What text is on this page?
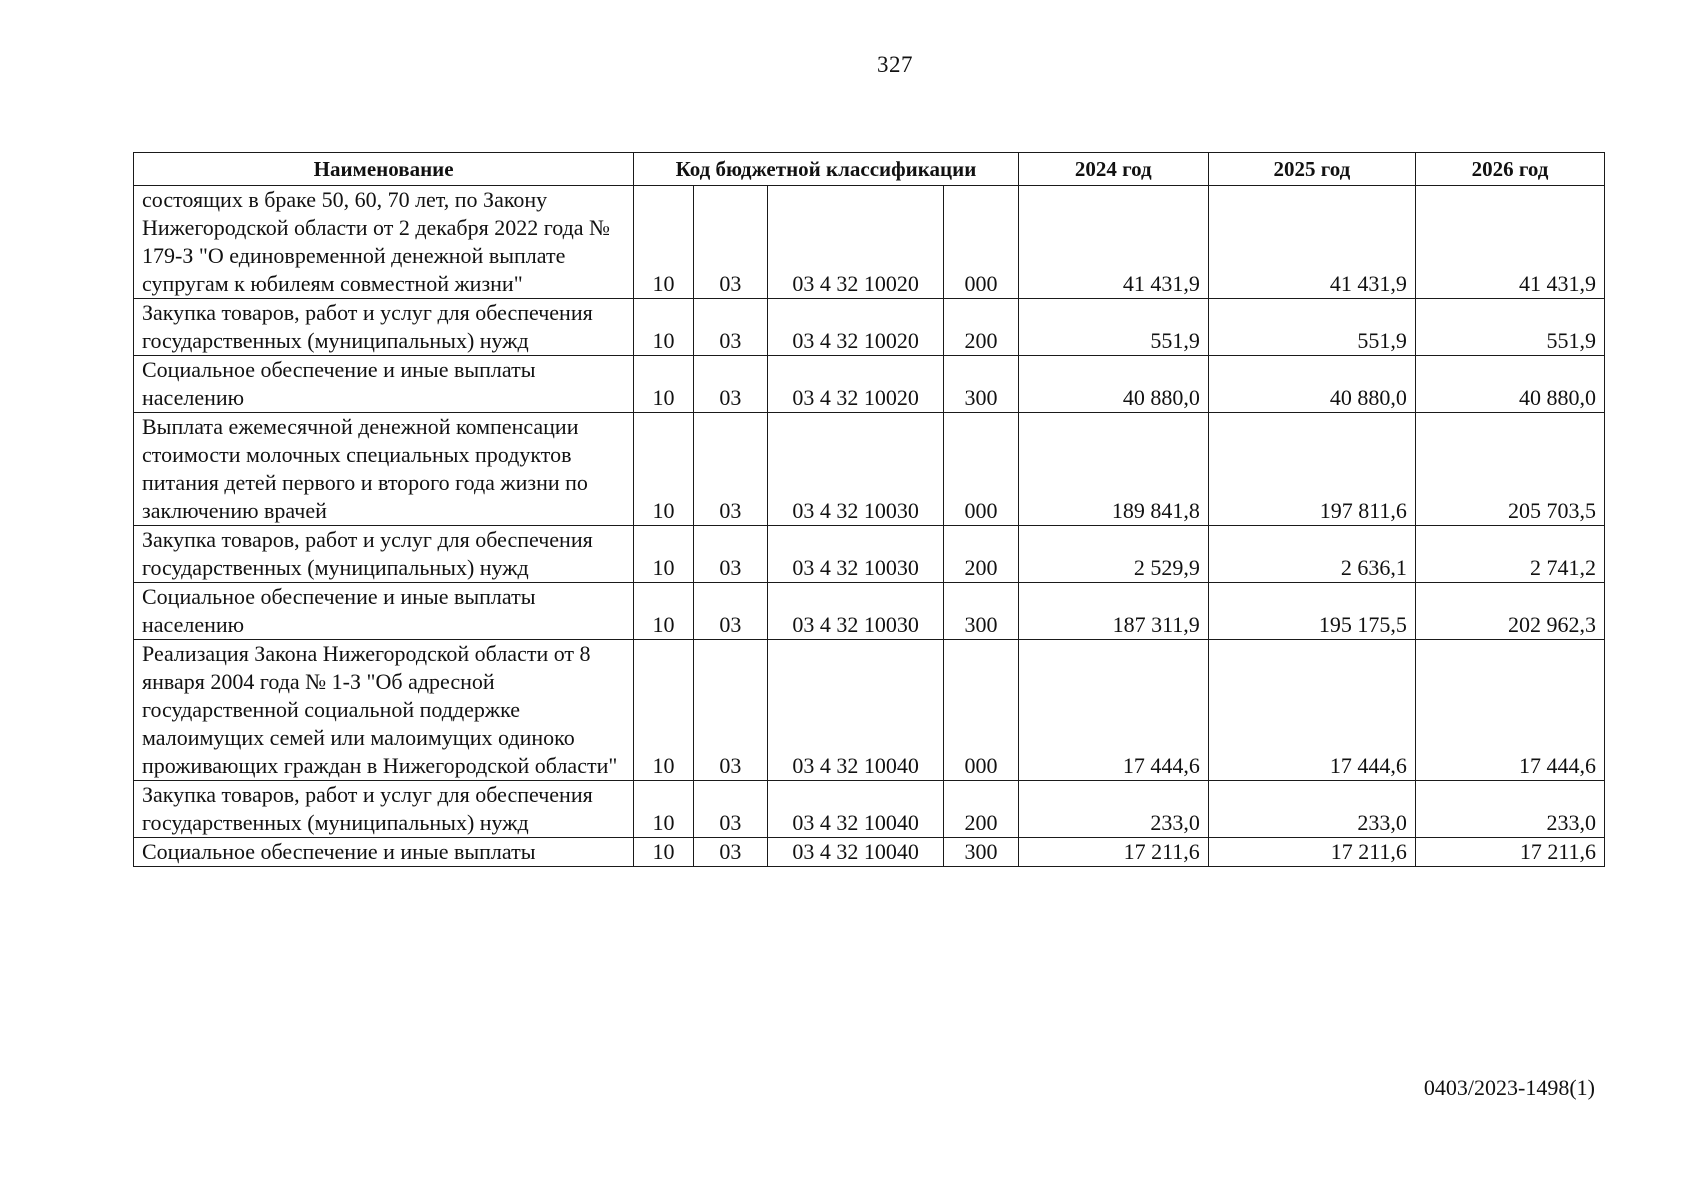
327
Наименование	Код бюджетной классификации				2024 год	2025 год	2026 год
состоящих в браке 50, 60, 70 лет, по Закону Нижегородской области от 2 декабря 2022 года № 179-З "О единовременной денежной выплате супругам к юбилеям совместной жизни"	10	03	03 4 32 10020	000	41 431,9	41 431,9	41 431,9
Закупка товаров, работ и услуг для обеспечения государственных (муниципальных) нужд	10	03	03 4 32 10020	200	551,9	551,9	551,9
Социальное обеспечение и иные выплаты населению	10	03	03 4 32 10020	300	40 880,0	40 880,0	40 880,0
Выплата ежемесячной денежной компенсации стоимости молочных специальных продуктов питания детей первого и второго года жизни по заключению врачей	10	03	03 4 32 10030	000	189 841,8	197 811,6	205 703,5
Закупка товаров, работ и услуг для обеспечения государственных (муниципальных) нужд	10	03	03 4 32 10030	200	2 529,9	2 636,1	2 741,2
Социальное обеспечение и иные выплаты населению	10	03	03 4 32 10030	300	187 311,9	195 175,5	202 962,3
Реализация Закона Нижегородской области от 8 января 2004 года № 1-З "Об адресной государственной социальной поддержке малоимущих семей или малоимущих одиноко проживающих граждан в Нижегородской области"	10	03	03 4 32 10040	000	17 444,6	17 444,6	17 444,6
Закупка товаров, работ и услуг для обеспечения государственных (муниципальных) нужд	10	03	03 4 32 10040	200	233,0	233,0	233,0
Социальное обеспечение и иные выплаты	10	03	03 4 32 10040	300	17 211,6	17 211,6	17 211,6
0403/2023-1498(1)
